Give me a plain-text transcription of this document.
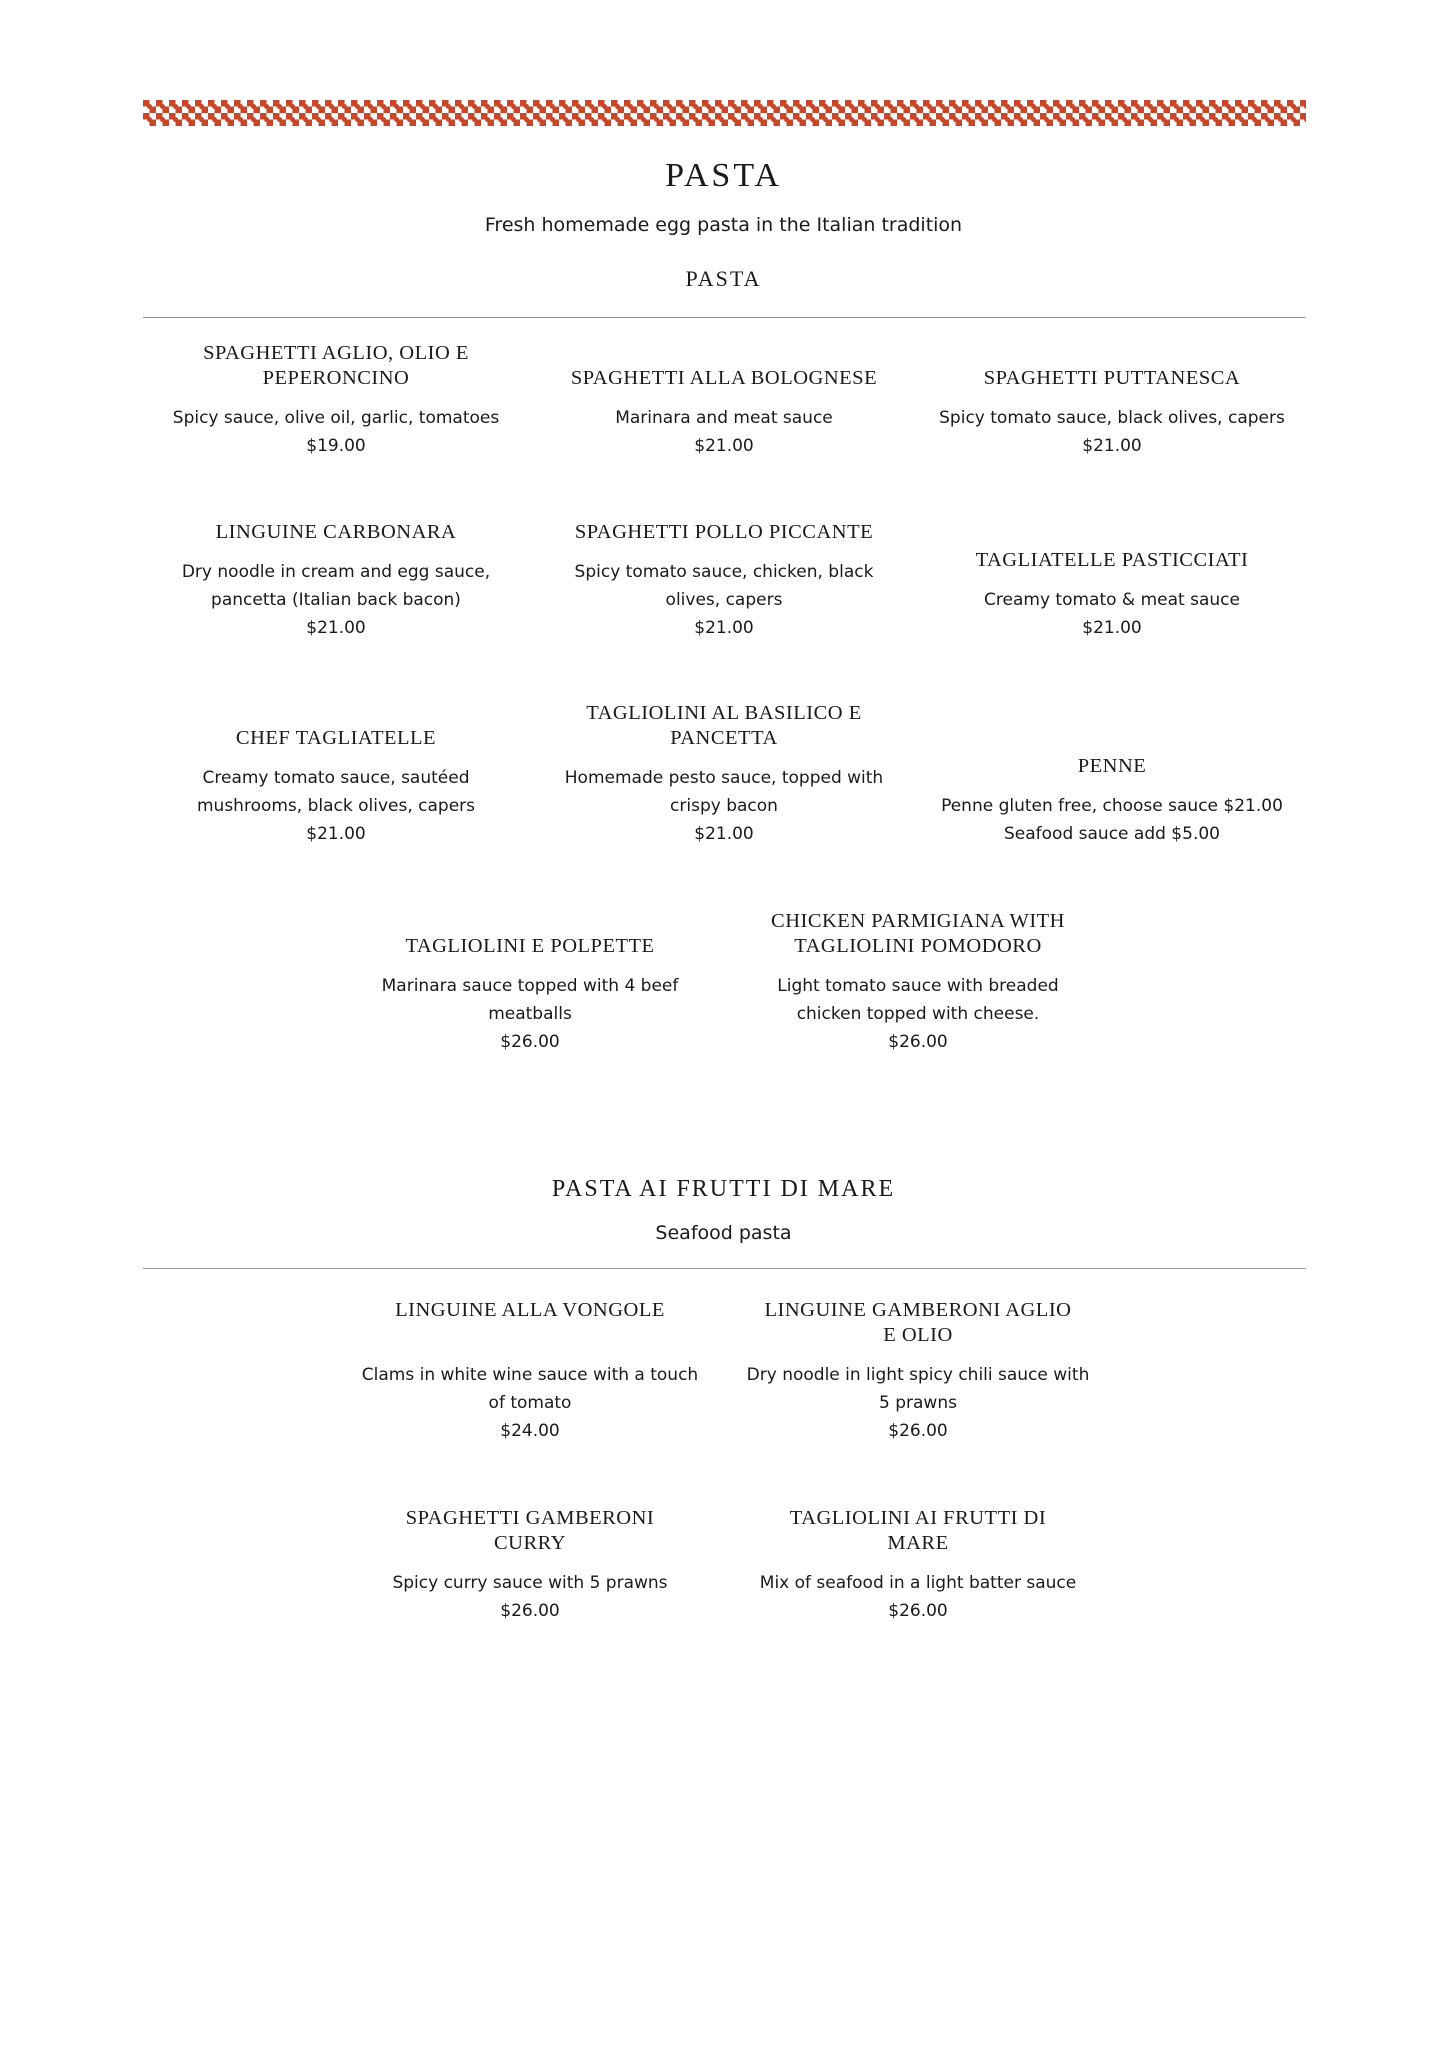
PASTA
Fresh homemade egg pasta in the Italian tradition
PASTA
SPAGHETTI AGLIO, OLIO E PEPERONCINO
Spicy sauce, olive oil, garlic, tomatoes
$19.00
SPAGHETTI ALLA BOLOGNESE
Marinara and meat sauce
$21.00
SPAGHETTI PUTTANESCA
Spicy tomato sauce, black olives, capers
$21.00
LINGUINE CARBONARA
Dry noodle in cream and egg sauce, pancetta (Italian back bacon)
$21.00
SPAGHETTI POLLO PICCANTE
Spicy tomato sauce, chicken, black olives, capers
$21.00
TAGLIATELLE PASTICCIATI
Creamy tomato & meat sauce
$21.00
CHEF TAGLIATELLE
Creamy tomato sauce, sautéed mushrooms, black olives, capers
$21.00
TAGLIOLINI AL BASILICO E PANCETTA
Homemade pesto sauce, topped with crispy bacon
$21.00
PENNE
Penne gluten free, choose sauce $21.00
Seafood sauce add $5.00
TAGLIOLINI E POLPETTE
Marinara sauce topped with 4 beef meatballs
$26.00
CHICKEN PARMIGIANA WITH TAGLIOLINI POMODORO
Light tomato sauce with breaded chicken topped with cheese.
$26.00
PASTA AI FRUTTI DI MARE
Seafood pasta
LINGUINE ALLA VONGOLE
Clams in white wine sauce with a touch of tomato
$24.00
LINGUINE GAMBERONI AGLIO E OLIO
Dry noodle in light spicy chili sauce with 5 prawns
$26.00
SPAGHETTI GAMBERONI CURRY
Spicy curry sauce with 5 prawns
$26.00
TAGLIOLINI AI FRUTTI DI MARE
Mix of seafood in a light batter sauce
$26.00
